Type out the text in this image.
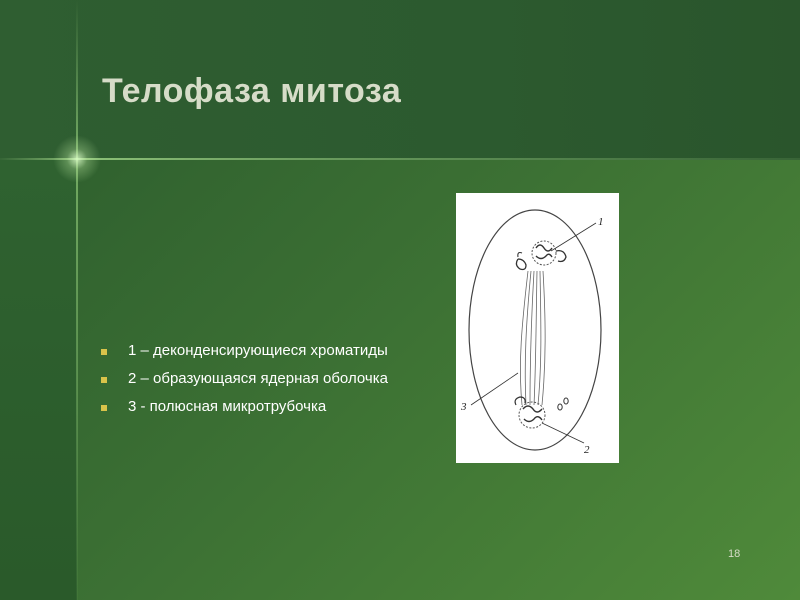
Телофаза митоза
1 – деконденсирующиеся хроматиды
2 – образующаяся ядерная оболочка
3 - полюсная микротрубочка
1
2
3
18
